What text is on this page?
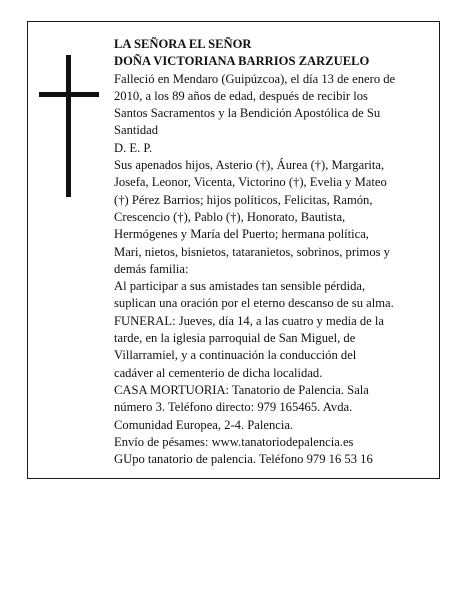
LA SEÑORA EL SEÑOR
DOÑA VICTORIANA BARRIOS ZARZUELO
Falleció en Mendaro (Guipúzcoa), el día 13 de enero de
2010, a los 89 años de edad, después de recibir los
Santos Sacramentos y la Bendición Apostólica de Su
Santidad
D. E. P.
Sus apenados hijos, Asterio (†), Áurea (†), Margarita,
Josefa, Leonor, Vicenta, Victorino (†), Evelia y Mateo
(†) Pérez Barrios; hijos políticos, Felicitas, Ramón,
Crescencio (†), Pablo (†), Honorato, Bautista,
Hermógenes y María del Puerto; hermana política,
Mari, nietos, bisnietos, tataranietos, sobrinos, primos y
demás familia:
Al participar a sus amistades tan sensible pérdida,
suplican una oración por el eterno descanso de su alma.
FUNERAL: Jueves, día 14, a las cuatro y media de la
tarde, en la iglesia parroquial de San Miguel, de
Villarramiel, y a continuación la conducción del
cadáver al cementerio de dicha localidad.
CASA MORTUORIA: Tanatorio de Palencia. Sala
número 3. Teléfono directo: 979 165465. Avda.
Comunidad Europea, 2-4. Palencia.
Envío de pésames: www.tanatoriodepalencia.es
GUpo tanatorio de palencia. Teléfono 979 16 53 16
